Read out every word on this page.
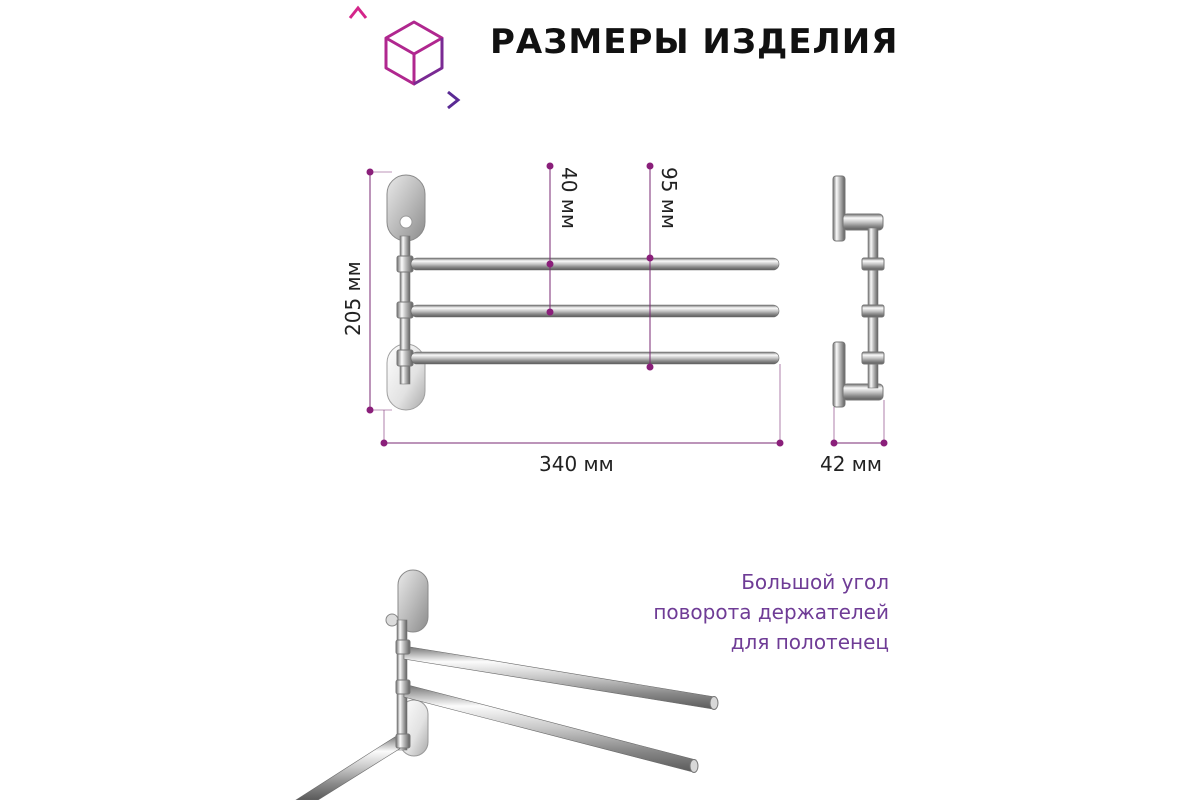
РАЗМЕРЫ ИЗДЕЛИЯ
205 мм
40 мм	95 мм
340 мм	42 мм
Большой угол
поворота держателей
для полотенец
